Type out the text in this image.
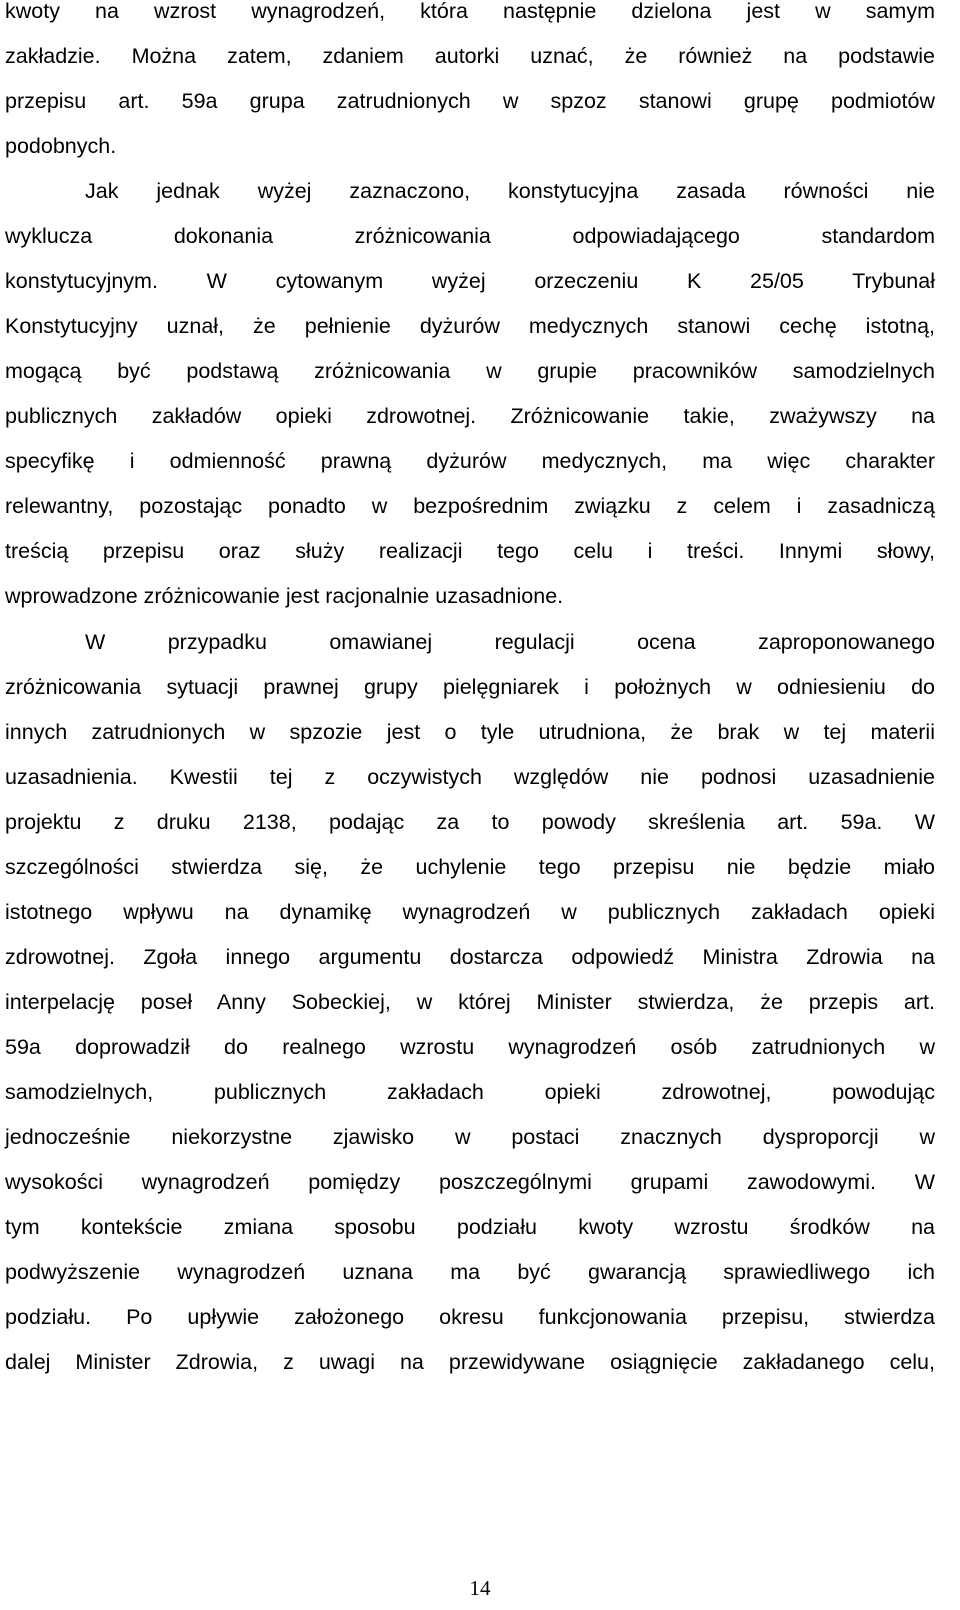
kwoty na wzrost wynagrodzeń, która następnie dzielona jest w samym
zakładzie. Można zatem, zdaniem autorki uznać, że również na podstawie
przepisu art. 59a grupa zatrudnionych w spzoz stanowi grupę podmiotów
podobnych.
Jak jednak wyżej zaznaczono, konstytucyjna zasada równości nie
wyklucza dokonania zróżnicowania odpowiadającego standardom
konstytucyjnym. W cytowanym wyżej orzeczeniu K 25/05 Trybunał
Konstytucyjny uznał, że pełnienie dyżurów medycznych stanowi cechę istotną,
mogącą być podstawą zróżnicowania w grupie pracowników samodzielnych
publicznych zakładów opieki zdrowotnej. Zróżnicowanie takie, zważywszy na
specyfikę i odmienność prawną dyżurów medycznych, ma więc charakter
relewantny, pozostając ponadto w bezpośrednim związku z celem i zasadniczą
treścią przepisu oraz służy realizacji tego celu i treści. Innymi słowy,
wprowadzone zróżnicowanie jest racjonalnie uzasadnione.
W przypadku omawianej regulacji ocena zaproponowanego
zróżnicowania sytuacji prawnej grupy pielęgniarek i położnych w odniesieniu do
innych zatrudnionych w spzozie jest o tyle utrudniona, że brak w tej materii
uzasadnienia. Kwestii tej z oczywistych względów nie podnosi uzasadnienie
projektu z druku 2138, podając za to powody skreślenia art. 59a. W
szczególności stwierdza się, że uchylenie tego przepisu nie będzie miało
istotnego wpływu na dynamikę wynagrodzeń w publicznych zakładach opieki
zdrowotnej. Zgoła innego argumentu dostarcza odpowiedź Ministra Zdrowia na
interpelację poseł Anny Sobeckiej, w której Minister stwierdza, że przepis art.
59a doprowadził do realnego wzrostu wynagrodzeń osób zatrudnionych w
samodzielnych, publicznych zakładach opieki zdrowotnej, powodując
jednocześnie niekorzystne zjawisko w postaci znacznych dysproporcji w
wysokości wynagrodzeń pomiędzy poszczególnymi grupami zawodowymi. W
tym kontekście zmiana sposobu podziału kwoty wzrostu środków na
podwyższenie wynagrodzeń uznana ma być gwarancją sprawiedliwego ich
podziału. Po upływie założonego okresu funkcjonowania przepisu, stwierdza
dalej Minister Zdrowia, z uwagi na przewidywane osiągnięcie zakładanego celu,
14
